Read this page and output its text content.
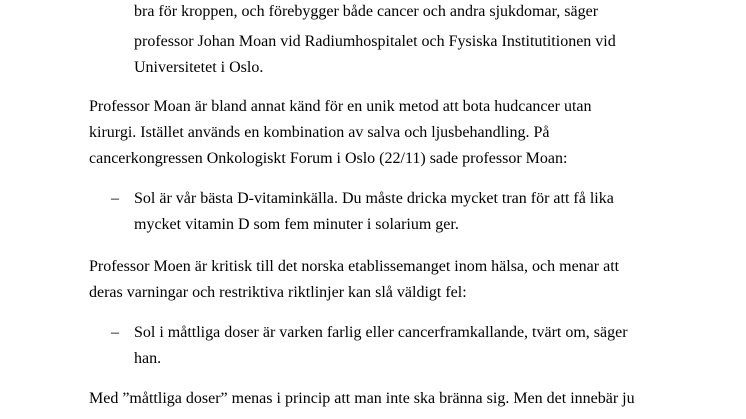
bra för kroppen, och förebygger både cancer och andra sjukdomar, säger
professor Johan Moan vid Radiumhospitalet och Fysiska Institutitionen vid
Universitetet i Oslo.
Professor Moan är bland annat känd för en unik metod att bota hudcancer utan
kirurgi. Istället används en kombination av salva och ljusbehandling. På
cancerkongressen Onkologiskt Forum i Oslo (22/11) sade professor Moan:
– Sol är vår bästa D-vitaminkälla. Du måste dricka mycket tran för att få lika
mycket vitamin D som fem minuter i solarium ger.
Professor Moen är kritisk till det norska etablissemanget inom hälsa, och menar att
deras varningar och restriktiva riktlinjer kan slå väldigt fel:
– Sol i måttliga doser är varken farlig eller cancerframkallande, tvärt om, säger
han.
Med ”måttliga doser” menas i princip att man inte ska bränna sig. Men det innebär ju
